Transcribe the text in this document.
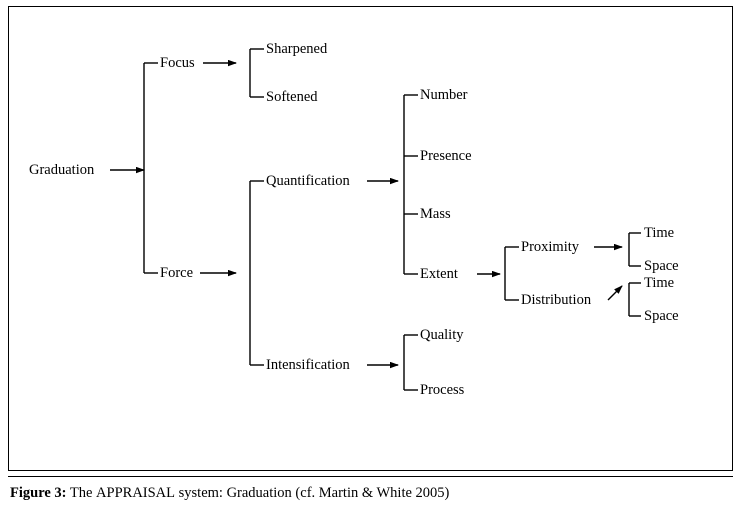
Graduation
Focus
Force
Sharpened
Softened
Quantification
Intensification
Number
Presence
Mass
Extent
Quality
Process
Proximity
Distribution
Time
Space
Time
Space
Figure 3: The APPRAISAL system: Graduation (cf. Martin & White 2005)
